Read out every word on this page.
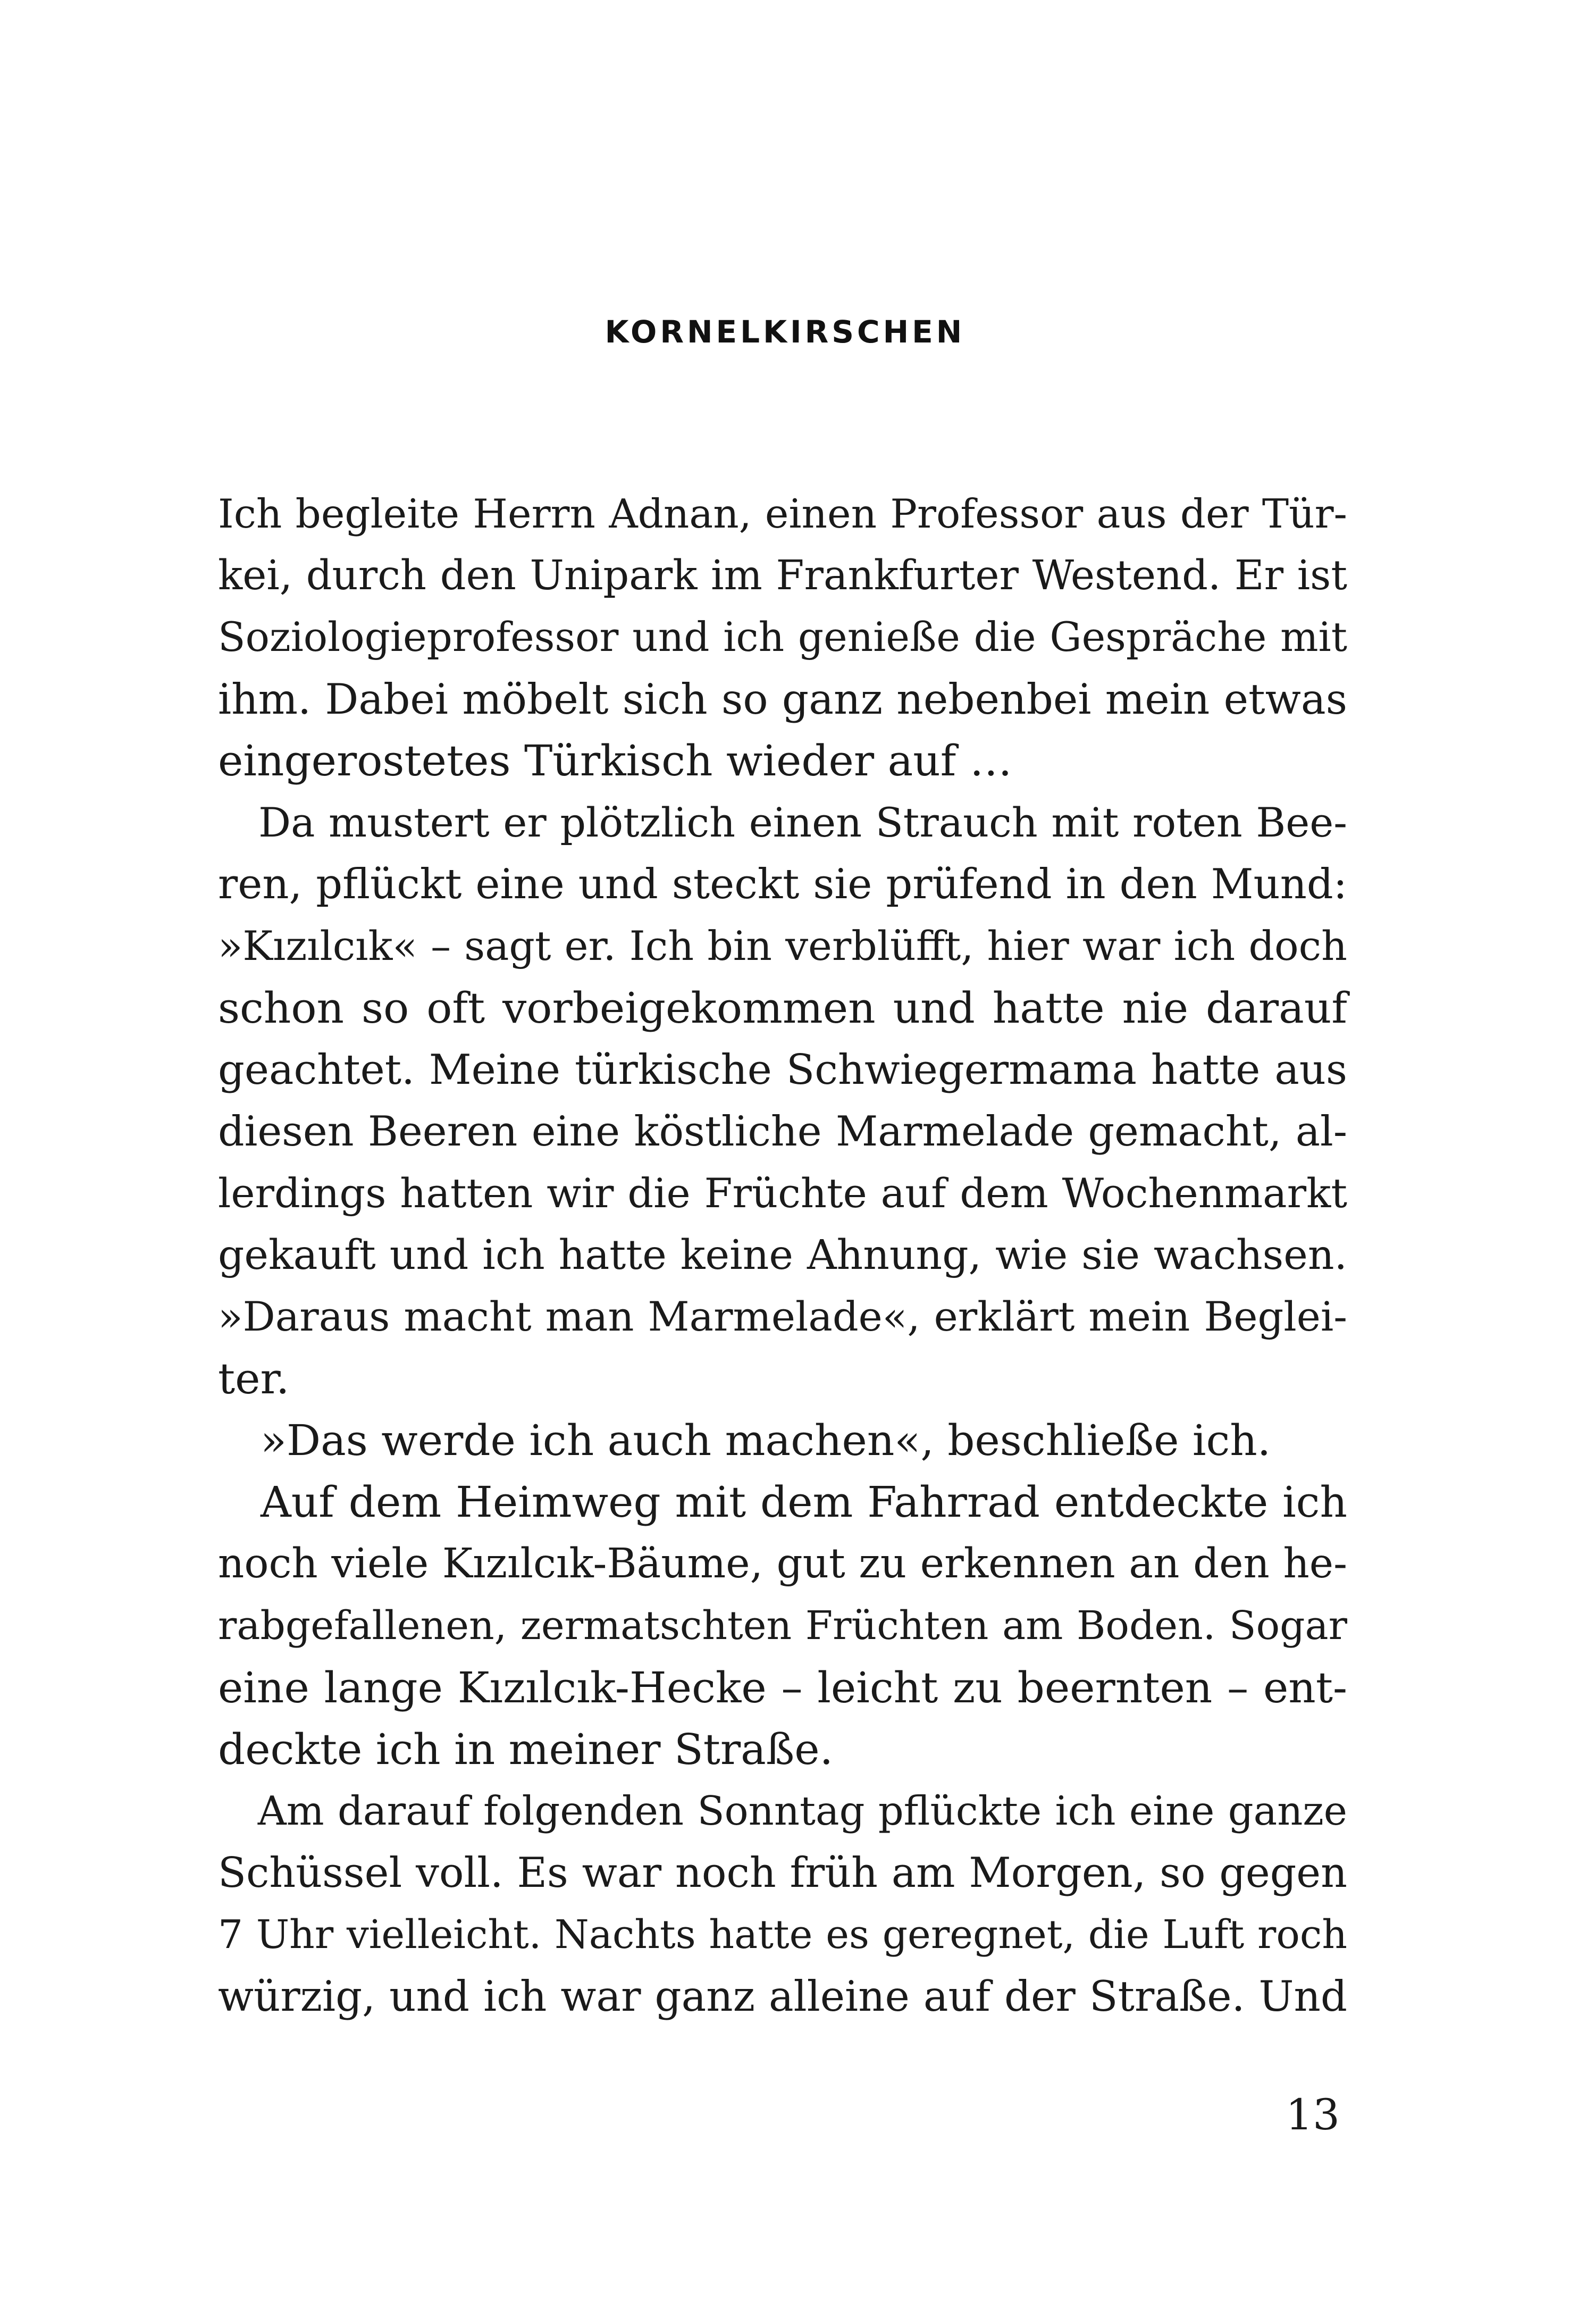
KORNELKIRSCHEN
Ich begleite Herrn Adnan, einen Professor aus der Tür-
kei, durch den Unipark im Frankfurter Westend. Er ist
Soziologieprofessor und ich genieße die Gespräche mit
ihm. Dabei möbelt sich so ganz nebenbei mein etwas
eingerostetes Türkisch wieder auf …
 Da mustert er plötzlich einen Strauch mit roten Bee-
ren, pflückt eine und steckt sie prüfend in den Mund:
»Kızılcık« – sagt er. Ich bin verblüfft, hier war ich doch
schon so oft vorbeigekommen und hatte nie darauf
geachtet. Meine türkische Schwiegermama hatte aus
diesen Beeren eine köstliche Marmelade gemacht, al-
lerdings hatten wir die Früchte auf dem Wochenmarkt
gekauft und ich hatte keine Ahnung, wie sie wachsen.
»Daraus macht man Marmelade«, erklärt mein Beglei-
ter.
 »Das werde ich auch machen«, beschließe ich.
 Auf dem Heimweg mit dem Fahrrad entdeckte ich
noch viele Kızılcık-Bäume, gut zu erkennen an den he-
rabgefallenen, zermatschten Früchten am Boden. Sogar
eine lange Kızılcık-Hecke – leicht zu beernten – ent-
deckte ich in meiner Straße.
 Am darauf folgenden Sonntag pflückte ich eine ganze
Schüssel voll. Es war noch früh am Morgen, so gegen
7 Uhr vielleicht. Nachts hatte es geregnet, die Luft roch
würzig, und ich war ganz alleine auf der Straße. Und
13
